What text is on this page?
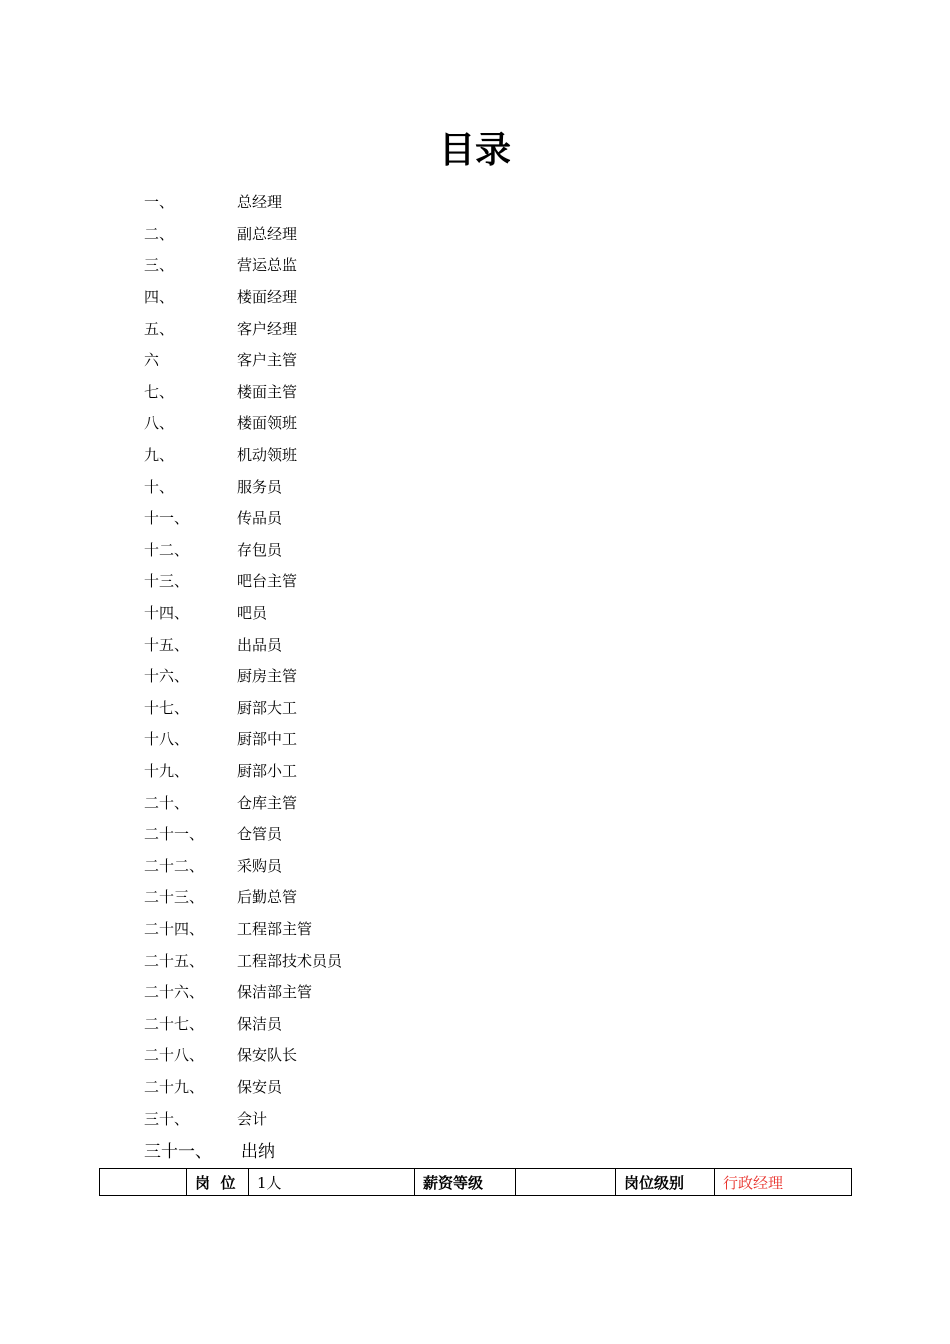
目录
一、	总经理
二、	副总经理
三、	营运总监
四、	楼面经理
五、	客户经理
六	客户主管
七、	楼面主管
八、	楼面领班
九、	机动领班
十、	服务员
十一、	传品员
十二、	存包员
十三、	吧台主管
十四、	吧员
十五、	出品员
十六、	厨房主管
十七、	厨部大工
十八、	厨部中工
十九、	厨部小工
二十、	仓库主管
二十一、	仓管员
二十二、	采购员
二十三、	后勤总管
二十四、	工程部主管
二十五、	工程部技术员员
二十六、	保洁部主管
二十七、	保洁员
二十八、	保安队长
二十九、	保安员
三十、	会计
三十一、	出纳
	岗  位	1人	薪资等级		岗位级别	行政经理
